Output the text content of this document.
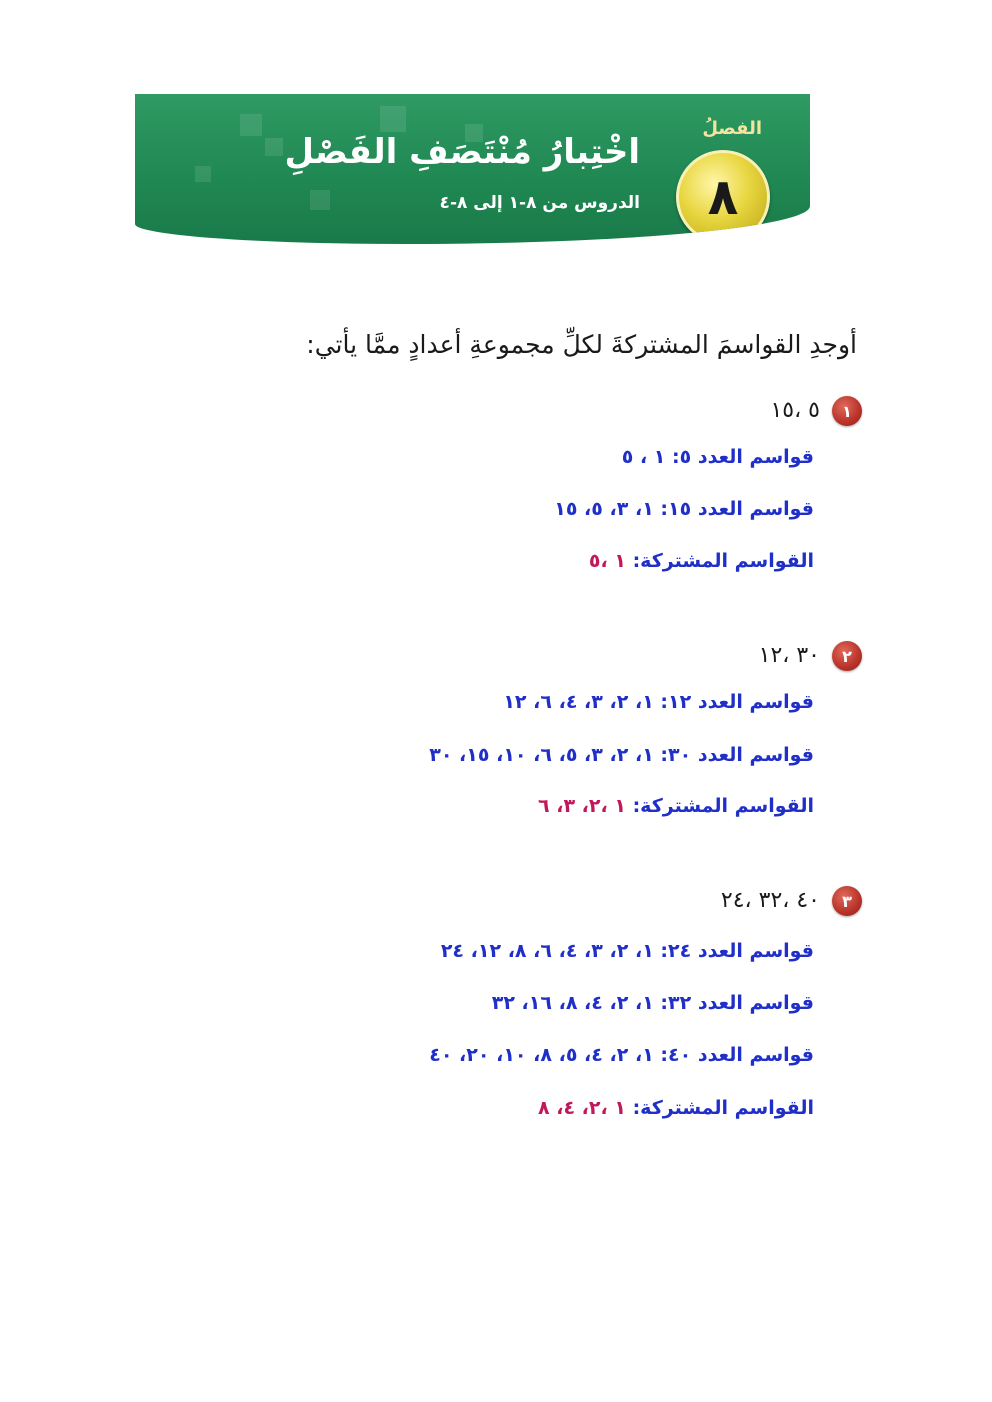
اخْتِبارُ مُنْتَصَفِ الفَصْلِ
الدروس من ٨-١ إلى ٨-٤
الفصلُ
٨
أوجدِ القواسمَ المشتركةَ لكلِّ مجموعةِ أعدادٍ ممَّا يأتي:
١
٥ ،١٥
قواسم العدد ٥: ١ ، ٥
قواسم العدد ١٥: ١، ٣، ٥، ١٥
القواسم المشتركة: ١ ،٥
٢
٣٠ ،١٢
قواسم العدد ١٢: ١، ٢، ٣، ٤، ٦، ١٢
قواسم العدد ٣٠: ١، ٢، ٣، ٥، ٦، ١٠، ١٥، ٣٠
القواسم المشتركة: ١ ،٢، ٣، ٦
٣
٤٠ ،٣٢ ،٢٤
قواسم العدد ٢٤: ١، ٢، ٣، ٤، ٦، ٨، ١٢، ٢٤
قواسم العدد ٣٢: ١، ٢، ٤، ٨، ١٦، ٣٢
قواسم العدد ٤٠: ١، ٢، ٤، ٥، ٨، ١٠، ٢٠، ٤٠
القواسم المشتركة: ١ ،٢، ٤، ٨
